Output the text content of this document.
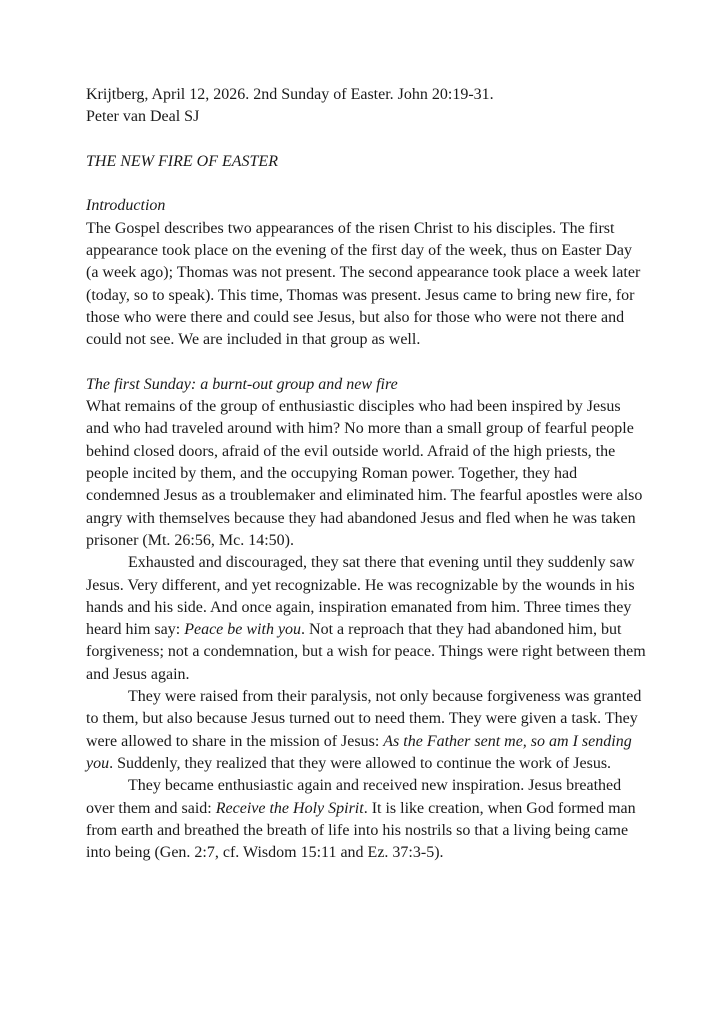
Krijtberg, April 12, 2026. 2nd Sunday of Easter. John 20:19-31.

Peter van Deal SJ

THE NEW FIRE OF EASTER

Introduction

The Gospel describes two appearances of the risen Christ to his disciples. The first appearance took place on the evening of the first day of the week, thus on Easter Day (a week ago); Thomas was not present. The second appearance took place a week later (today, so to speak). This time, Thomas was present. Jesus came to bring new fire, for those who were there and could see Jesus, but also for those who were not there and could not see. We are included in that group as well.

The first Sunday: a burnt-out group and new fire

What remains of the group of enthusiastic disciples who had been inspired by Jesus and who had traveled around with him? No more than a small group of fearful people behind closed doors, afraid of the evil outside world. Afraid of the high priests, the people incited by them, and the occupying Roman power. Together, they had condemned Jesus as a troublemaker and eliminated him. The fearful apostles were also angry with themselves because they had abandoned Jesus and fled when he was taken prisoner (Mt. 26:56, Mc. 14:50).

Exhausted and discouraged, they sat there that evening until they suddenly saw Jesus. Very different, and yet recognizable. He was recognizable by the wounds in his hands and his side. And once again, inspiration emanated from him. Three times they heard him say: Peace be with you. Not a reproach that they had abandoned him, but forgiveness; not a condemnation, but a wish for peace. Things were right between them and Jesus again.

They were raised from their paralysis, not only because forgiveness was granted to them, but also because Jesus turned out to need them. They were given a task. They were allowed to share in the mission of Jesus: As the Father sent me, so am I sending you. Suddenly, they realized that they were allowed to continue the work of Jesus.

They became enthusiastic again and received new inspiration. Jesus breathed over them and said: Receive the Holy Spirit. It is like creation, when God formed man from earth and breathed the breath of life into his nostrils so that a living being came into being (Gen. 2:7, cf. Wisdom 15:11 and Ez. 37:3-5).
